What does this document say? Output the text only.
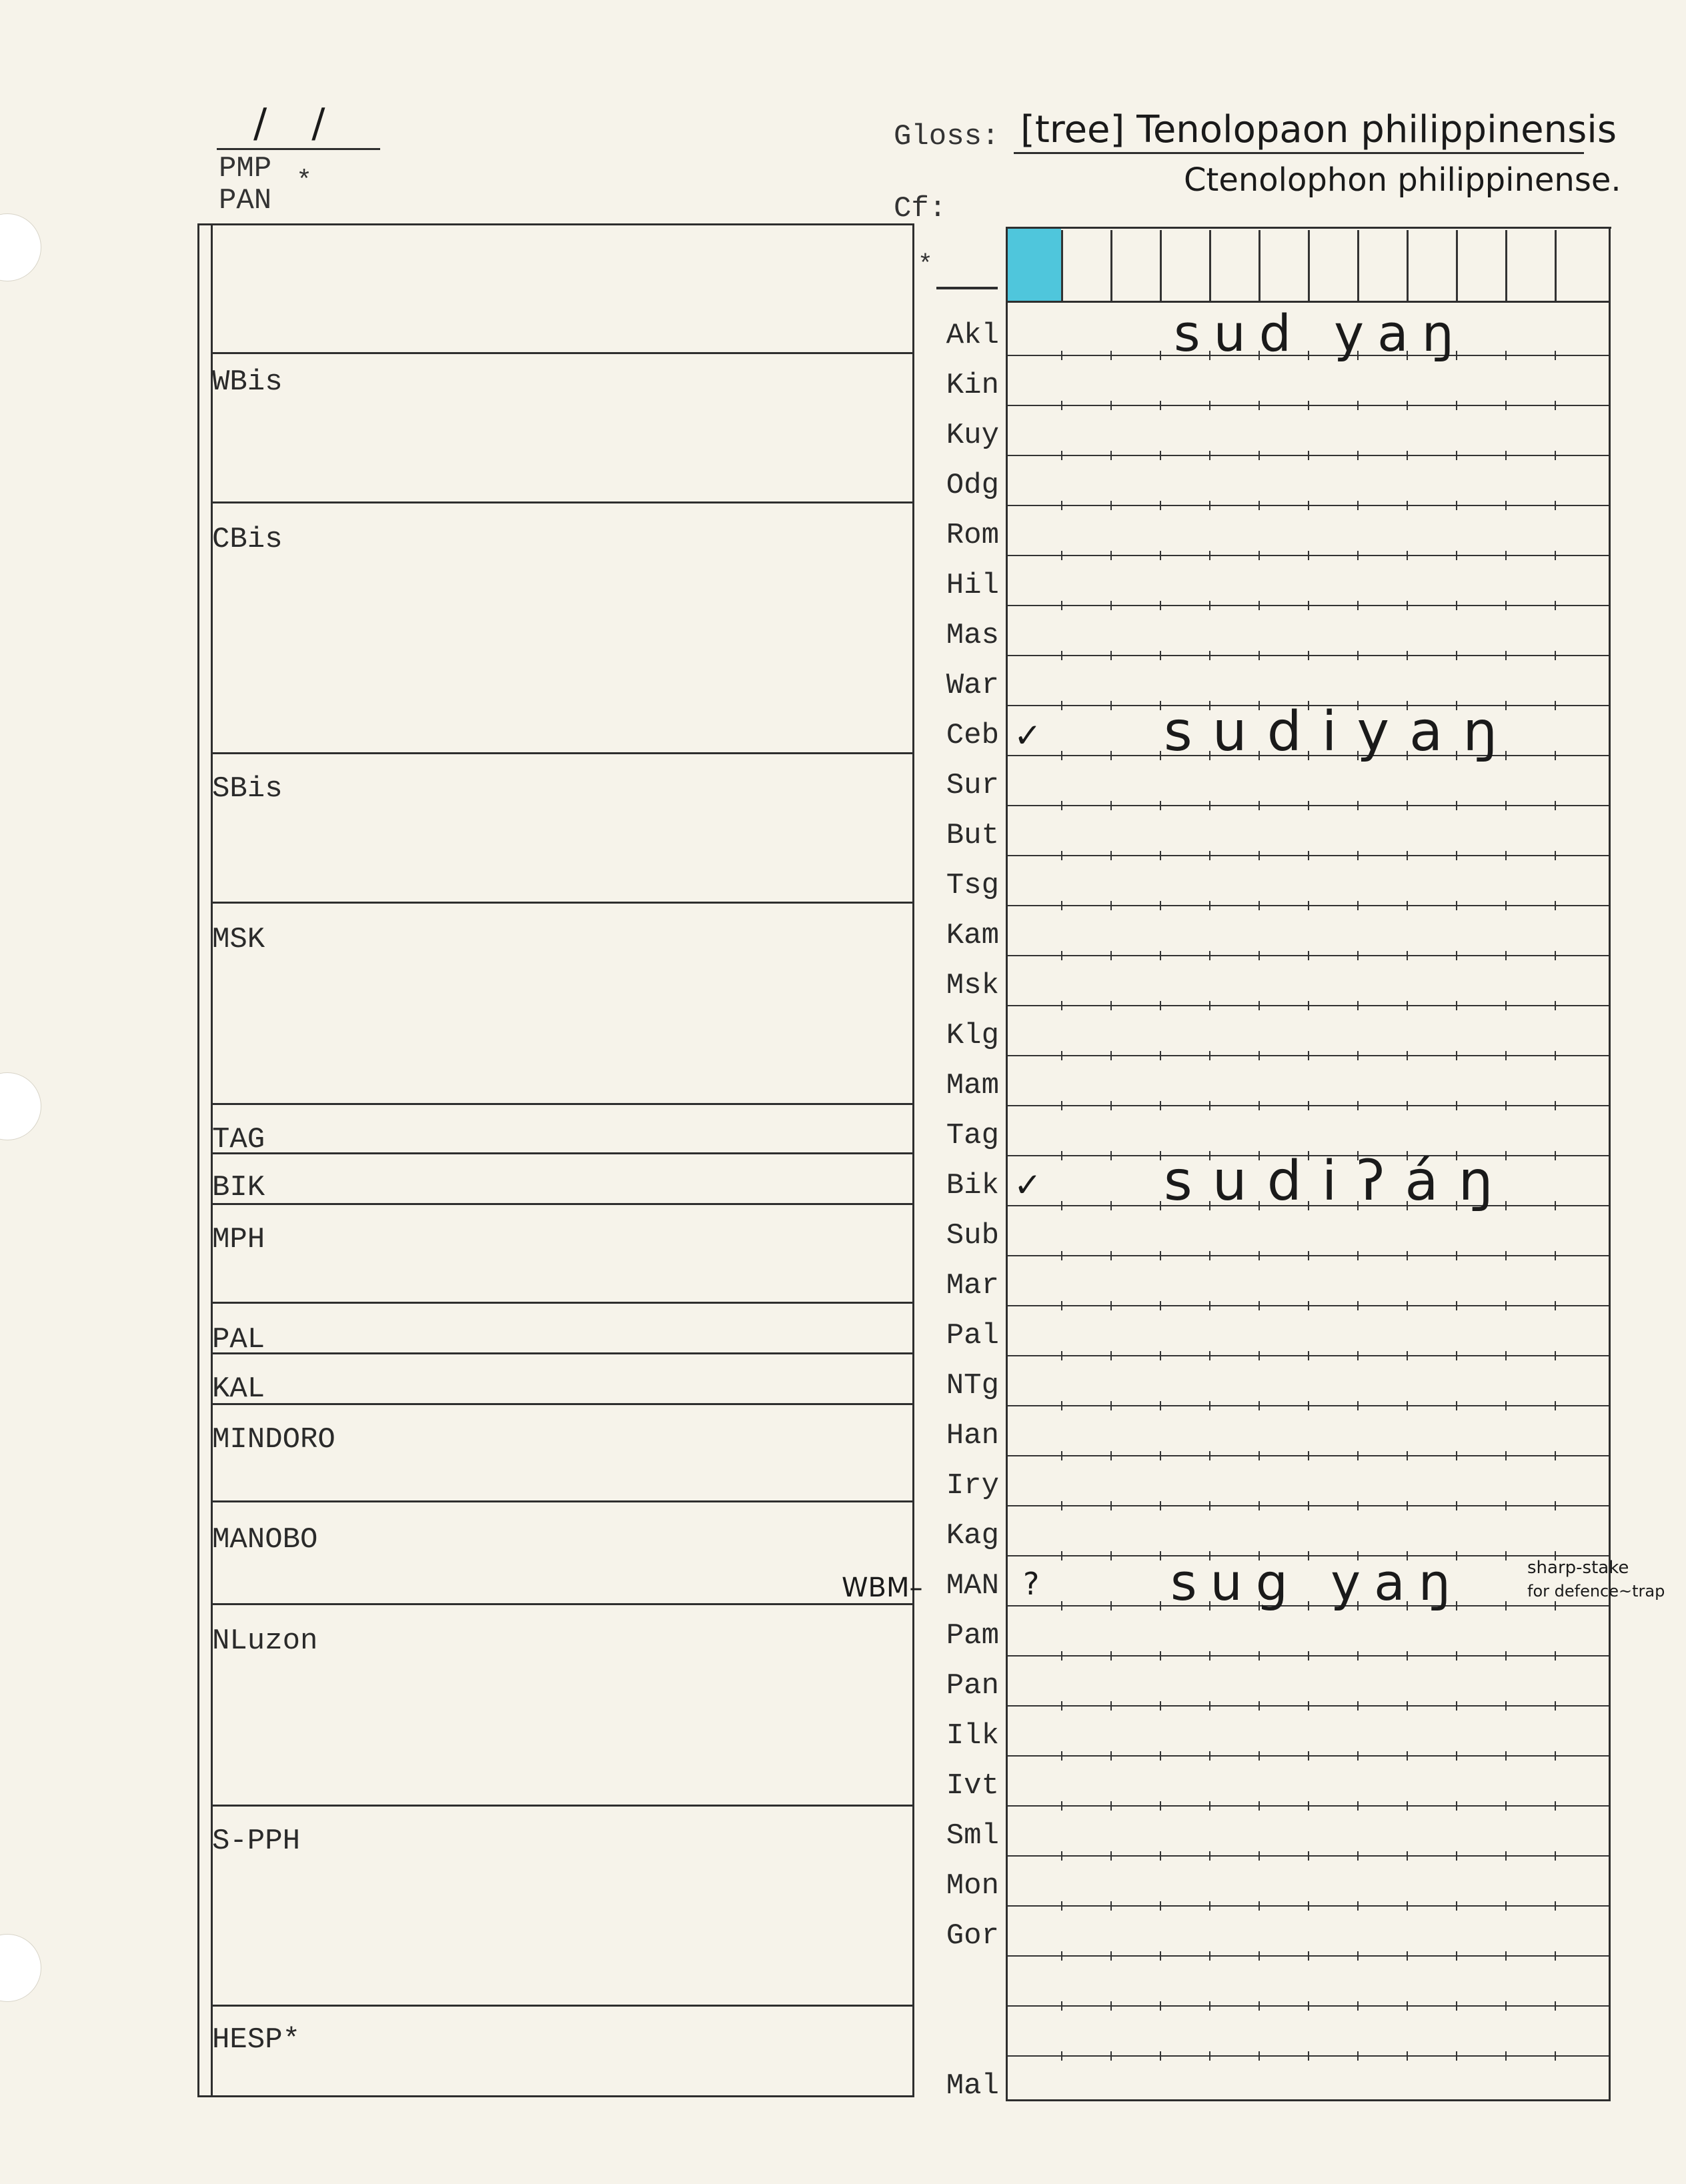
/ /
PMP *
PAN
Gloss: [tree] Tenolopaon philippinensis
Ctenolophon philippinense.
Cf:
*
WBis
CBis
SBis
MSK
TAG
BIK
MPH
PAL
KAL
MINDORO
MANOBO
NLuzon
S-PPH
HESP*
Akl
Kin
Kuy
Odg
Rom
Hil
Mas
War
Ceb
Sur
But
Tsg
Kam
Msk
Klg
Mam
Tag
Bik
Sub
Mar
Pal
NTg
Han
Iry
Kag
MAN
Pam
Pan
Ilk
Ivt
Sml
Mon
Gor
Mal
WBM–
sud yaŋ
✓ sudiyaŋ
✓ sudiʔáŋ
?	sug yaŋ	sharp-stake
for defence~trap
